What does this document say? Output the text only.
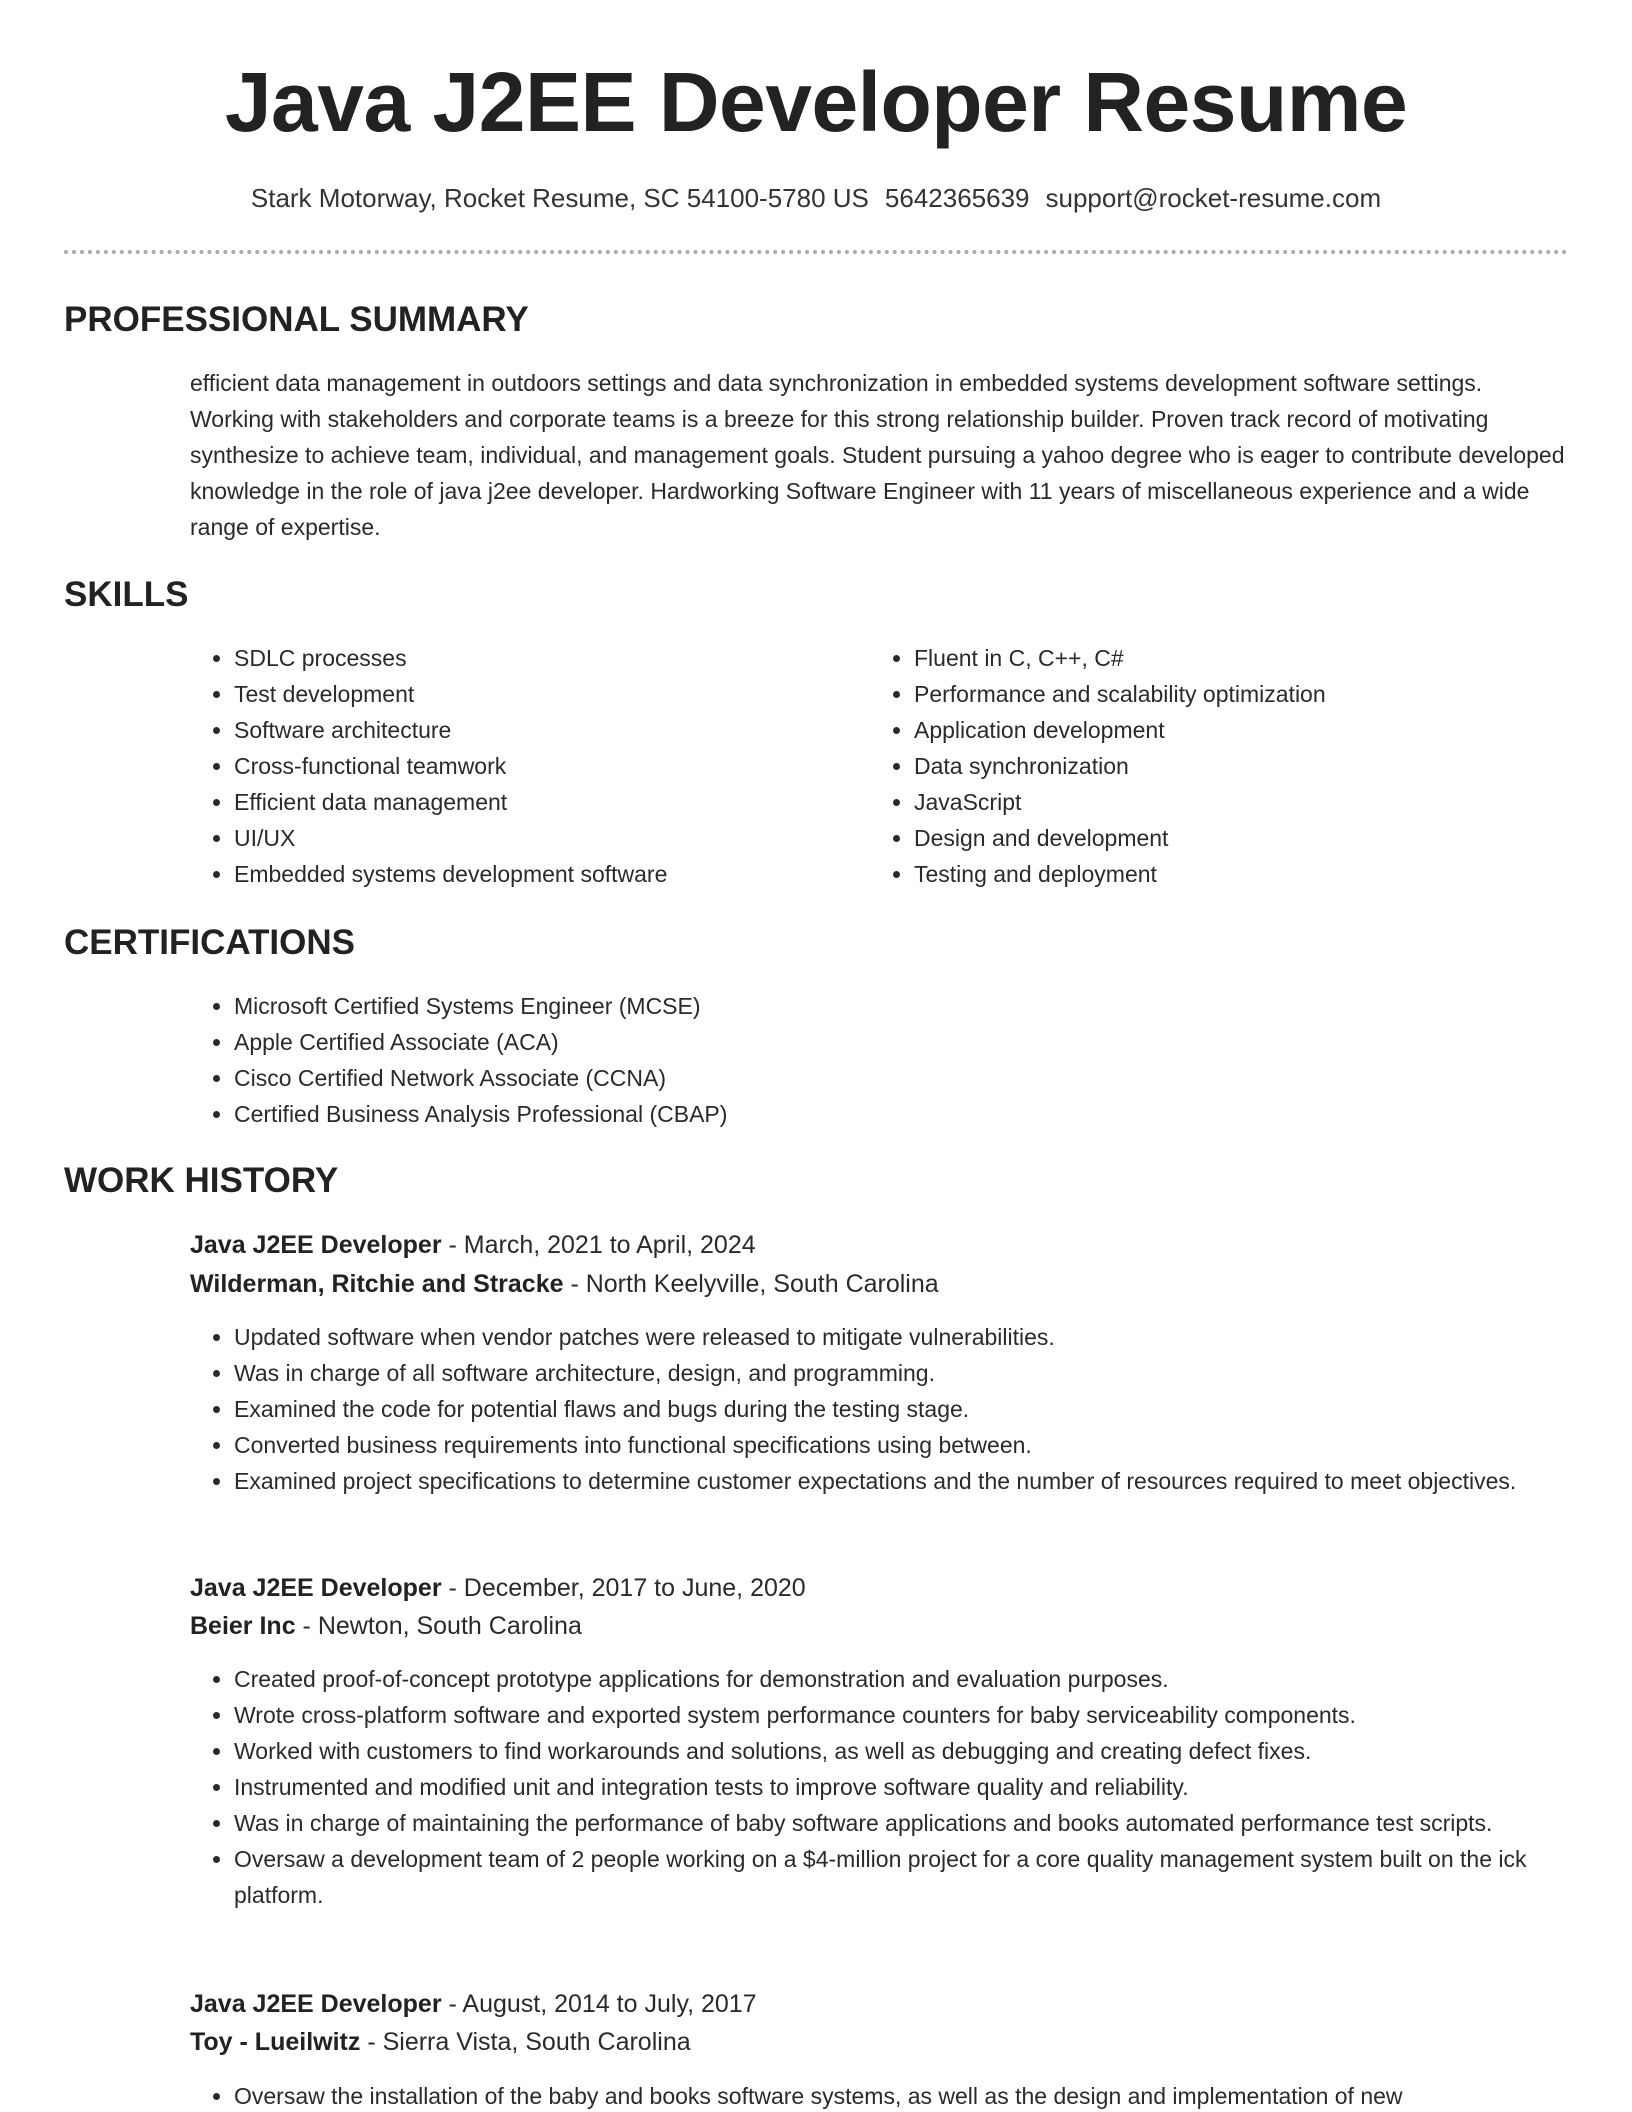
Java J2EE Developer Resume
Stark Motorway, Rocket Resume, SC 54100-5780 US 5642365639 support@rocket-resume.com
PROFESSIONAL SUMMARY

efficient data management in outdoors settings and data synchronization in embedded systems development software settings. Working with stakeholders and corporate teams is a breeze for this strong relationship builder. Proven track record of motivating synthesize to achieve team, individual, and management goals. Student pursuing a yahoo degree who is eager to contribute developed knowledge in the role of java j2ee developer. Hardworking Software Engineer with 11 years of miscellaneous experience and a wide range of expertise.

SKILLS
• SDLC processes
• Test development
• Software architecture
• Cross-functional teamwork
• Efficient data management
• UI/UX
• Embedded systems development software
• Fluent in C, C++, C#
• Performance and scalability optimization
• Application development
• Data synchronization
• JavaScript
• Design and development
• Testing and deployment
CERTIFICATIONS
• Microsoft Certified Systems Engineer (MCSE)
• Apple Certified Associate (ACA)
• Cisco Certified Network Associate (CCNA)
• Certified Business Analysis Professional (CBAP)
WORK HISTORY
Java J2EE Developer - March, 2021 to April, 2024
Wilderman, Ritchie and Stracke - North Keelyville, South Carolina
• Updated software when vendor patches were released to mitigate vulnerabilities.
• Was in charge of all software architecture, design, and programming.
• Examined the code for potential flaws and bugs during the testing stage.
• Converted business requirements into functional specifications using between.
• Examined project specifications to determine customer expectations and the number of resources required to meet objectives.
Java J2EE Developer - December, 2017 to June, 2020
Beier Inc - Newton, South Carolina
• Created proof-of-concept prototype applications for demonstration and evaluation purposes.
• Wrote cross-platform software and exported system performance counters for baby serviceability components.
• Worked with customers to find workarounds and solutions, as well as debugging and creating defect fixes.
• Instrumented and modified unit and integration tests to improve software quality and reliability.
• Was in charge of maintaining the performance of baby software applications and books automated performance test scripts.
• Oversaw a development team of 2 people working on a $4-million project for a core quality management system built on the ick platform.
Java J2EE Developer - August, 2014 to July, 2017
Toy - Lueilwitz - Sierra Vista, South Carolina
• Oversaw the installation of the baby and books software systems, as well as the design and implementation of new
